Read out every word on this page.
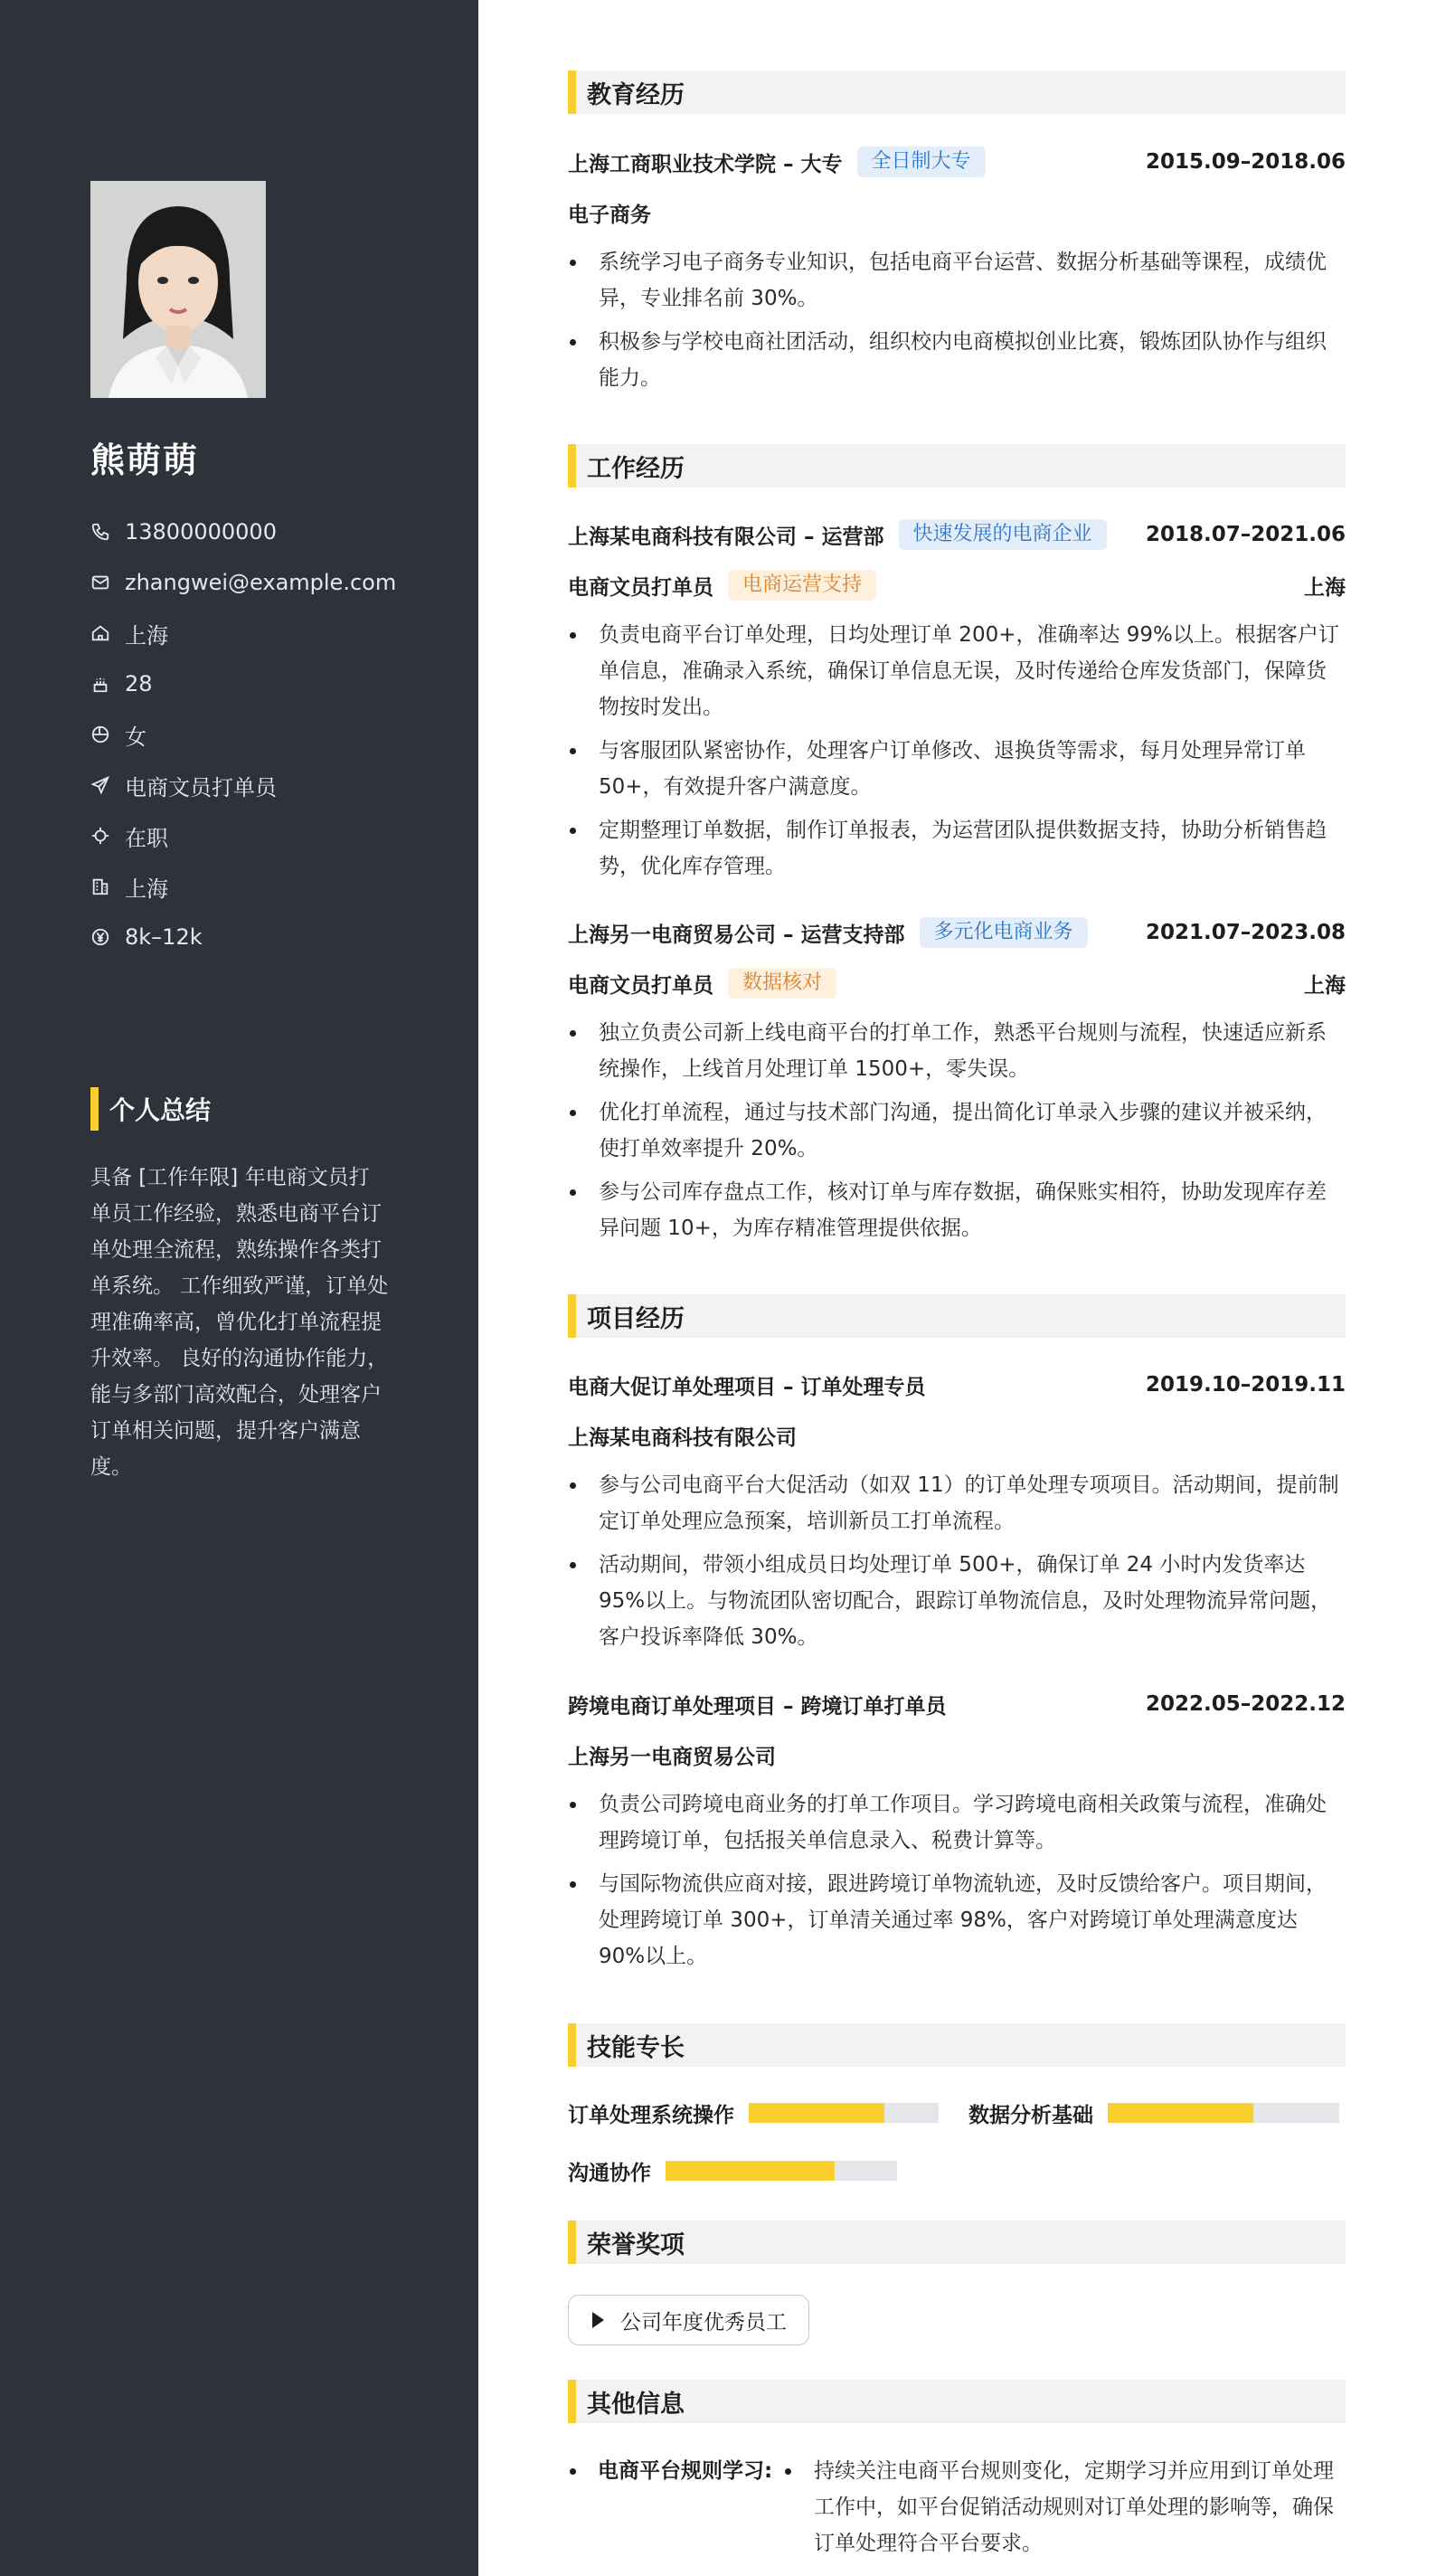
熊萌萌
13800000000
zhangwei@example.com
上海
28
女
电商文员打单员
在职
上海
8k–12k
个人总结

具备 [工作年限] 年电商文员打单员工作经验，熟悉电商平台订单处理全流程，熟练操作各类打单系统。 工作细致严谨，订单处理准确率高，曾优化打单流程提升效率。 良好的沟通协作能力，能与多部门高效配合，处理客户订单相关问题，提升客户满意度。

教育经历
上海工商职业技术学院 – 大专	全日制大专	2015.09–2018.06
电子商务
系统学习电子商务专业知识，包括电商平台运营、数据分析基础等课程，成绩优异，专业排名前 30%。
积极参与学校电商社团活动，组织校内电商模拟创业比赛，锻炼团队协作与组织能力。
工作经历
上海某电商科技有限公司 – 运营部	快速发展的电商企业	2018.07–2021.06
电商文员打单员	电商运营支持	上海
负责电商平台订单处理，日均处理订单 200+，准确率达 99%以上。根据客户订单信息，准确录入系统，确保订单信息无误，及时传递给仓库发货部门，保障货物按时发出。
与客服团队紧密协作，处理客户订单修改、退换货等需求，每月处理异常订单 50+，有效提升客户满意度。
定期整理订单数据，制作订单报表，为运营团队提供数据支持，协助分析销售趋势，优化库存管理。
上海另一电商贸易公司 – 运营支持部	多元化电商业务	2021.07–2023.08
电商文员打单员	数据核对	上海
独立负责公司新上线电商平台的打单工作，熟悉平台规则与流程，快速适应新系统操作，上线首月处理订单 1500+，零失误。
优化打单流程，通过与技术部门沟通，提出简化订单录入步骤的建议并被采纳，使打单效率提升 20%。
参与公司库存盘点工作，核对订单与库存数据，确保账实相符，协助发现库存差异问题 10+，为库存精准管理提供依据。
项目经历
电商大促订单处理项目 – 订单处理专员	2019.10–2019.11
上海某电商科技有限公司
参与公司电商平台大促活动（如双 11）的订单处理专项项目。活动期间，提前制定订单处理应急预案，培训新员工打单流程。
活动期间，带领小组成员日均处理订单 500+，确保订单 24 小时内发货率达 95%以上。与物流团队密切配合，跟踪订单物流信息，及时处理物流异常问题，客户投诉率降低 30%。
跨境电商订单处理项目 – 跨境订单打单员	2022.05–2022.12
上海另一电商贸易公司
负责公司跨境电商业务的打单工作项目。学习跨境电商相关政策与流程，准确处理跨境订单，包括报关单信息录入、税费计算等。
与国际物流供应商对接，跟进跨境订单物流轨迹，及时反馈给客户。项目期间，处理跨境订单 300+，订单清关通过率 98%，客户对跨境订单处理满意度达 90%以上。
技能专长
订单处理系统操作	数据分析基础
沟通协作
荣誉奖项
公司年度优秀员工
其他信息
电商平台规则学习:	持续关注电商平台规则变化，定期学习并应用到订单处理工作中，如平台促销活动规则对订单处理的影响等，确保订单处理符合平台要求。
